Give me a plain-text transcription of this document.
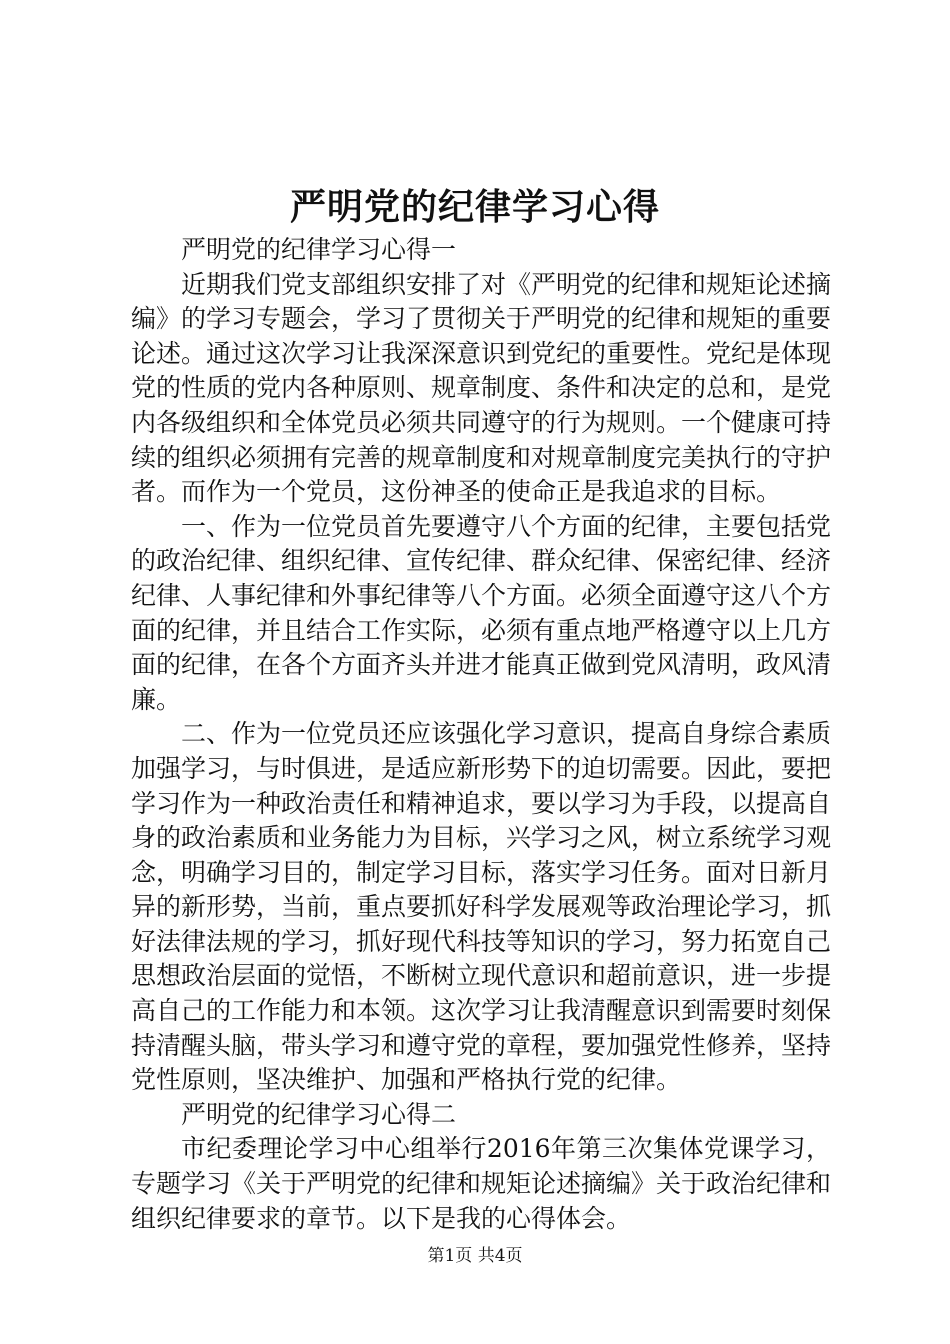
严明党的纪律学习心得

严明党的纪律学习心得一

近期我们党支部组织安排了对《严明党的纪律和规矩论述摘编》的学习专题会，学习了贯彻关于严明党的纪律和规矩的重要论述。通过这次学习让我深深意识到党纪的重要性。党纪是体现党的性质的党内各种原则、规章制度、条件和决定的总和，是党内各级组织和全体党员必须共同遵守的行为规则。一个健康可持续的组织必须拥有完善的规章制度和对规章制度完美执行的守护者。而作为一个党员，这份神圣的使命正是我追求的目标。

一、作为一位党员首先要遵守八个方面的纪律，主要包括党的政治纪律、组织纪律、宣传纪律、群众纪律、保密纪律、经济纪律、人事纪律和外事纪律等八个方面。必须全面遵守这八个方面的纪律，并且结合工作实际，必须有重点地严格遵守以上几方面的纪律，在各个方面齐头并进才能真正做到党风清明，政风清廉。

二、作为一位党员还应该强化学习意识，提高自身综合素质加强学习，与时俱进，是适应新形势下的迫切需要。因此，要把学习作为一种政治责任和精神追求，要以学习为手段，以提高自身的政治素质和业务能力为目标，兴学习之风，树立系统学习观念，明确学习目的，制定学习目标，落实学习任务。面对日新月异的新形势，当前，重点要抓好科学发展观等政治理论学习，抓好法律法规的学习，抓好现代科技等知识的学习，努力拓宽自己思想政治层面的觉悟，不断树立现代意识和超前意识，进一步提高自己的工作能力和本领。这次学习让我清醒意识到需要时刻保持清醒头脑，带头学习和遵守党的章程，要加强党性修养，坚持党性原则，坚决维护、加强和严格执行党的纪律。

严明党的纪律学习心得二

市纪委理论学习中心组举行2016年第三次集体党课学习，专题学习《关于严明党的纪律和规矩论述摘编》关于政治纪律和组织纪律要求的章节。以下是我的心得体会。

第1页 共4页
